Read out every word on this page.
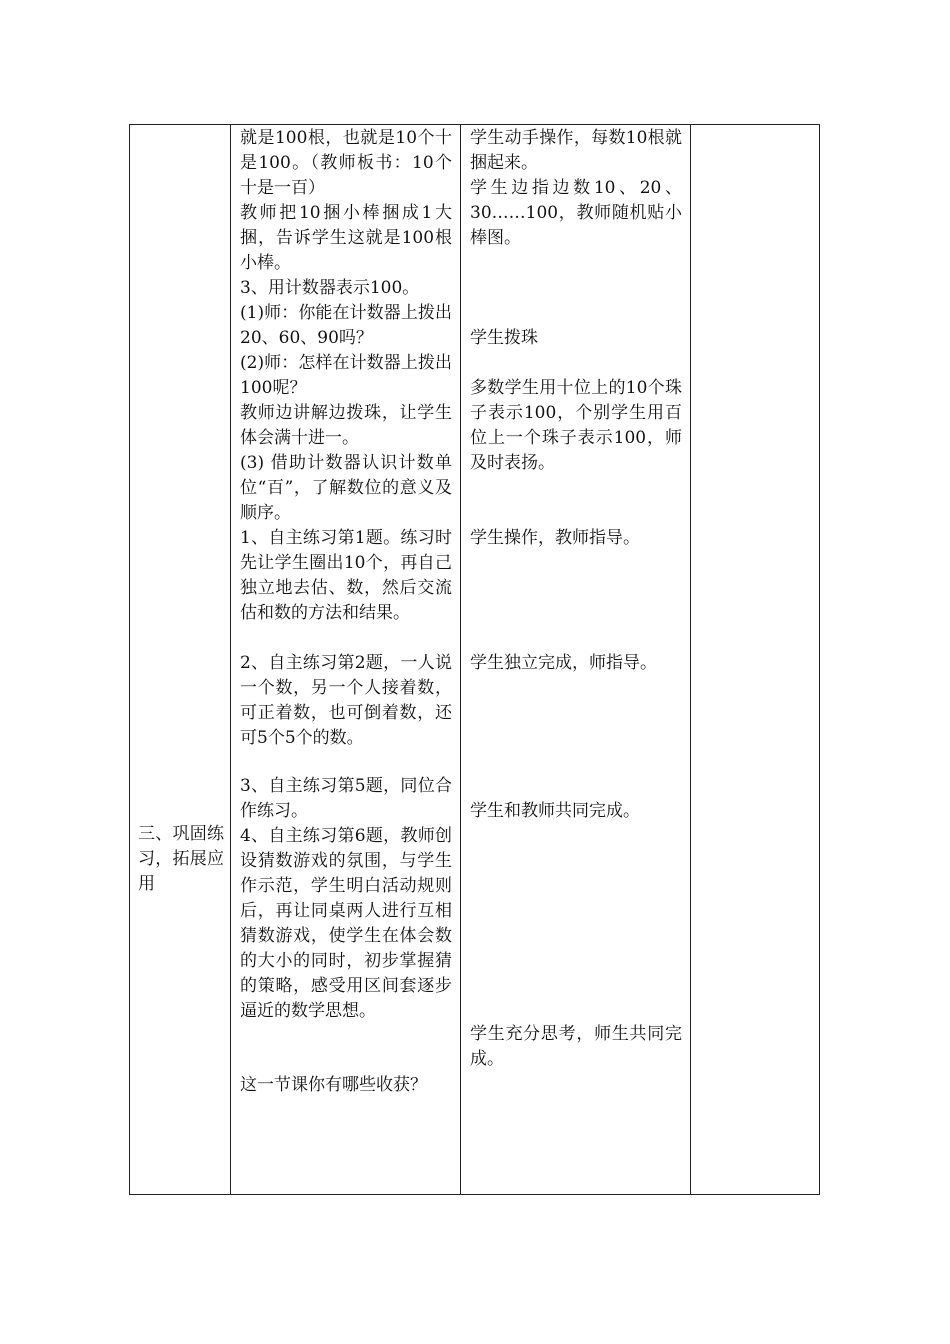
三、巩固练习，拓展应用

就是100根，也就是10个十是100。（教师板书：10个十是一百）

教师把10捆小棒捆成1大捆，告诉学生这就是100根小棒。

3、用计数器表示100。

(1)师：你能在计数器上拨出20、60、90吗？

(2)师：怎样在计数器上拨出100呢？

教师边讲解边拨珠，让学生体会满十进一。

(3) 借助计数器认识计数单位“百”，了解数位的意义及顺序。

1、自主练习第1题。练习时先让学生圈出10个，再自己独立地去估、数，然后交流估和数的方法和结果。

2、自主练习第2题，一人说一个数，另一个人接着数，可正着数，也可倒着数，还可5个5个的数。

3、自主练习第5题，同位合作练习。

4、自主练习第6题，教师创设猜数游戏的氛围，与学生作示范，学生明白活动规则后，再让同桌两人进行互相猜数游戏，使学生在体会数的大小的同时，初步掌握猜的策略，感受用区间套逐步逼近的数学思想。

这一节课你有哪些收获？

学生动手操作，每数10根就捆起来。

学生边指边数10、20、30……100，教师随机贴小棒图。

学生拨珠

多数学生用十位上的10个珠子表示100，个别学生用百位上一个珠子表示100，师及时表扬。

学生操作，教师指导。

学生独立完成，师指导。

学生和教师共同完成。

学生充分思考，师生共同完成。
